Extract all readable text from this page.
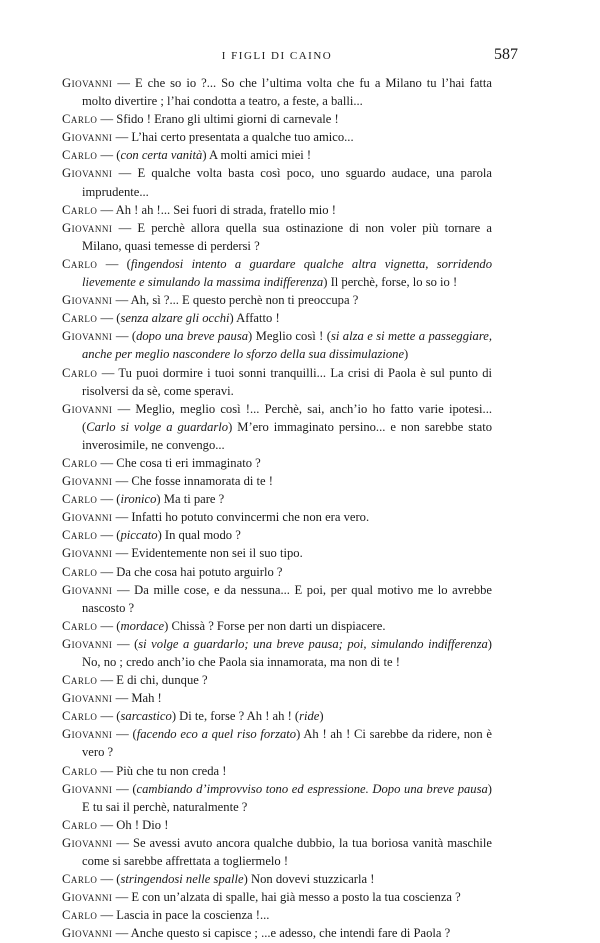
I FIGLI DI CAINO	587

Giovanni — E che so io ?... So che l’ultima volta che fu a Milano tu l’hai fatta molto divertire ; l’hai condotta a teatro, a feste, a balli...

Carlo — Sfido ! Erano gli ultimi giorni di carnevale !

Giovanni — L’hai certo presentata a qualche tuo amico...

Carlo — (con certa vanità) A molti amici miei !

Giovanni — E qualche volta basta così poco, uno sguardo audace, una parola imprudente...

Carlo — Ah ! ah !... Sei fuori di strada, fratello mio !

Giovanni — E perchè allora quella sua ostinazione di non voler più tornare a Milano, quasi temesse di perdersi ?

Carlo — (fingendosi intento a guardare qualche altra vignetta, sorridendo lievemente e simulando la massima indifferenza) Il perchè, forse, lo so io !

Giovanni — Ah, sì ?... E questo perchè non ti preoccupa ?

Carlo — (senza alzare gli occhi) Affatto !

Giovanni — (dopo una breve pausa) Meglio così ! (si alza e si mette a passeggiare, anche per meglio nascondere lo sforzo della sua dissimulazione)

Carlo — Tu puoi dormire i tuoi sonni tranquilli... La crisi di Paola è sul punto di risolversi da sè, come speravi.

Giovanni — Meglio, meglio così !... Perchè, sai, anch’io ho fatto varie ipotesi... (Carlo si volge a guardarlo) M’ero immaginato persino... e non sarebbe stato inverosimile, ne convengo...

Carlo — Che cosa ti eri immaginato ?

Giovanni — Che fosse innamorata di te !

Carlo — (ironico) Ma ti pare ?

Giovanni — Infatti ho potuto convincermi che non era vero.

Carlo — (piccato) In qual modo ?

Giovanni — Evidentemente non sei il suo tipo.

Carlo — Da che cosa hai potuto arguirlo ?

Giovanni — Da mille cose, e da nessuna... E poi, per qual motivo me lo avrebbe nascosto ?

Carlo — (mordace) Chissà ? Forse per non darti un dispiacere.

Giovanni — (si volge a guardarlo; una breve pausa; poi, simulando indifferenza) No, no ; credo anch’io che Paola sia innamorata, ma non di te !

Carlo — E di chi, dunque ?

Giovanni — Mah !

Carlo — (sarcastico) Di te, forse ? Ah ! ah ! (ride)

Giovanni — (facendo eco a quel riso forzato) Ah ! ah ! Ci sarebbe da ridere, non è vero ?

Carlo — Più che tu non creda !

Giovanni — (cambiando d’improvviso tono ed espressione. Dopo una breve pausa) E tu sai il perchè, naturalmente ?

Carlo — Oh ! Dio !

Giovanni — Se avessi avuto ancora qualche dubbio, la tua boriosa vanità maschile come si sarebbe affrettata a togliermelo !

Carlo — (stringendosi nelle spalle) Non dovevi stuzzicarla !

Giovanni — E con un’alzata di spalle, hai già messo a posto la tua coscienza ?

Carlo — Lascia in pace la coscienza !...

Giovanni — Anche questo si capisce ; ...e adesso, che intendi fare di Paola ?
